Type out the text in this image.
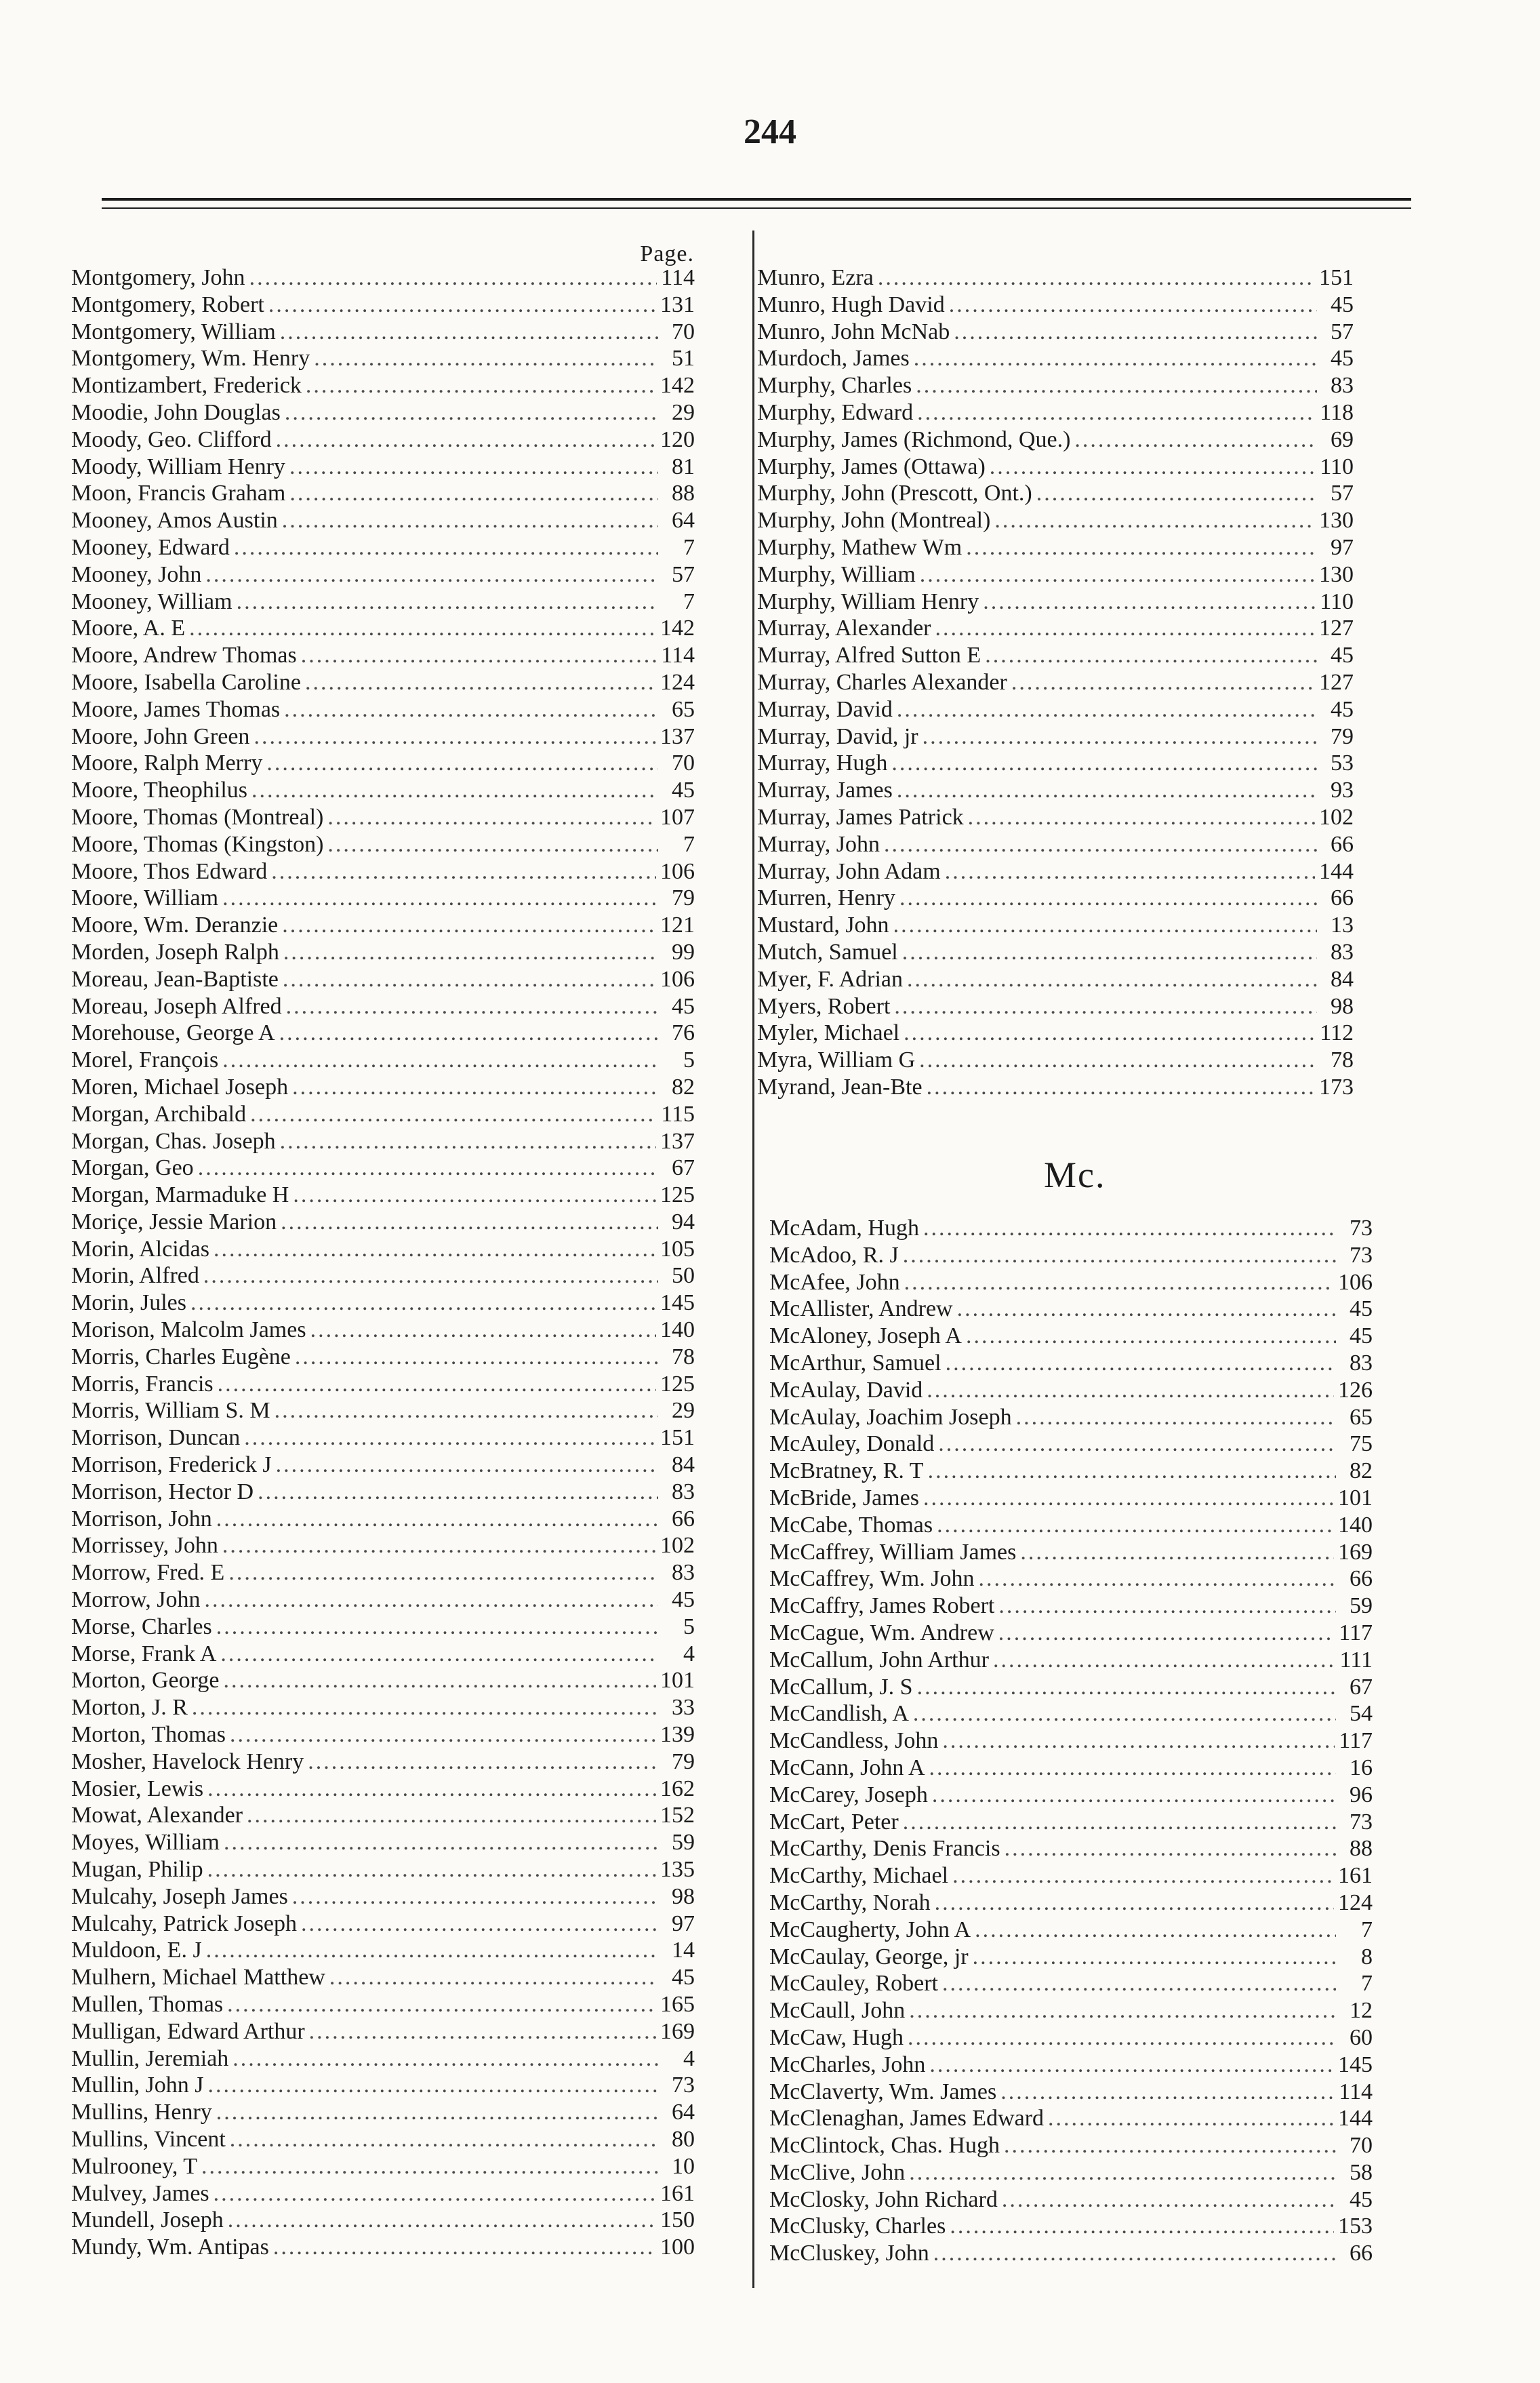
244
Page.
Montgomery, John .....	114
Montgomery, Robert .....	131
Montgomery, William .....	70
Montgomery, Wm. Henry .....	51
Montizambert, Frederick .....	142
Moodie, John Douglas .....	29
Moody, Geo. Clifford .....	120
Moody, William Henry .....	81
Moon, Francis Graham .....	88
Mooney, Amos Austin .....	64
Mooney, Edward .....	7
Mooney, John .....	57
Mooney, William .....	7
Moore, A. E .....	142
Moore, Andrew Thomas .....	114
Moore, Isabella Caroline .....	124
Moore, James Thomas .....	65
Moore, John Green .....	137
Moore, Ralph Merry .....	70
Moore, Theophilus .....	45
Moore, Thomas (Montreal) .....	107
Moore, Thomas (Kingston) .....	7
Moore, Thos Edward .....	106
Moore, William .....	79
Moore, Wm. Deranzie .....	121
Morden, Joseph Ralph .....	99
Moreau, Jean-Baptiste .....	106
Moreau, Joseph Alfred .....	45
Morehouse, George A .....	76
Morel, François .....	5
Moren, Michael Joseph .....	82
Morgan, Archibald .....	115
Morgan, Chas. Joseph .....	137
Morgan, Geo .....	67
Morgan, Marmaduke H .....	125
Moriçe, Jessie Marion .....	94
Morin, Alcidas .....	105
Morin, Alfred .....	50
Morin, Jules .....	145
Morison, Malcolm James .....	140
Morris, Charles Eugène .....	78
Morris, Francis .....	125
Morris, William S. M .....	29
Morrison, Duncan .....	151
Morrison, Frederick J .....	84
Morrison, Hector D .....	83
Morrison, John .....	66
Morrissey, John .....	102
Morrow, Fred. E .....	83
Morrow, John .....	45
Morse, Charles .....	5
Morse, Frank A .....	4
Morton, George .....	101
Morton, J. R .....	33
Morton, Thomas .....	139
Mosher, Havelock Henry .....	79
Mosier, Lewis .....	162
Mowat, Alexander .....	152
Moyes, William .....	59
Mugan, Philip .....	135
Mulcahy, Joseph James .....	98
Mulcahy, Patrick Joseph .....	97
Muldoon, E. J .....	14
Mulhern, Michael Matthew .....	45
Mullen, Thomas .....	165
Mulligan, Edward Arthur .....	169
Mullin, Jeremiah .....	4
Mullin, John J .....	73
Mullins, Henry .....	64
Mullins, Vincent .....	80
Mulrooney, T .....	10
Mulvey, James .....	161
Mundell, Joseph .....	150
Mundy, Wm. Antipas .....	100
Munro, Ezra .....	151
Munro, Hugh David .....	45
Munro, John McNab .....	57
Murdoch, James .....	45
Murphy, Charles .....	83
Murphy, Edward .....	118
Murphy, James (Richmond, Que.) .....	69
Murphy, James (Ottawa) .....	110
Murphy, John (Prescott, Ont.) .....	57
Murphy, John (Montreal) .....	130
Murphy, Mathew Wm .....	97
Murphy, William .....	130
Murphy, William Henry .....	110
Murray, Alexander .....	127
Murray, Alfred Sutton E .....	45
Murray, Charles Alexander .....	127
Murray, David .....	45
Murray, David, jr .....	79
Murray, Hugh .....	53
Murray, James .....	93
Murray, James Patrick .....	102
Murray, John .....	66
Murray, John Adam .....	144
Murren, Henry .....	66
Mustard, John .....	13
Mutch, Samuel .....	83
Myer, F. Adrian .....	84
Myers, Robert .....	98
Myler, Michael .....	112
Myra, William G .....	78
Myrand, Jean-Bte .....	173
Mc.
McAdam, Hugh .....	73
McAdoo, R. J .....	73
McAfee, John .....	106
McAllister, Andrew .....	45
McAloney, Joseph A .....	45
McArthur, Samuel .....	83
McAulay, David .....	126
McAulay, Joachim Joseph .....	65
McAuley, Donald .....	75
McBratney, R. T .....	82
McBride, James .....	101
McCabe, Thomas .....	140
McCaffrey, William James .....	169
McCaffrey, Wm. John .....	66
McCaffry, James Robert .....	59
McCague, Wm. Andrew .....	117
McCallum, John Arthur .....	111
McCallum, J. S .....	67
McCandlish, A .....	54
McCandless, John .....	117
McCann, John A .....	16
McCarey, Joseph .....	96
McCart, Peter .....	73
McCarthy, Denis Francis .....	88
McCarthy, Michael .....	161
McCarthy, Norah .....	124
McCaugherty, John A .....	7
McCaulay, George, jr .....	8
McCauley, Robert .....	7
McCaull, John .....	12
McCaw, Hugh .....	60
McCharles, John .....	145
McClaverty, Wm. James .....	114
McClenaghan, James Edward .....	144
McClintock, Chas. Hugh .....	70
McClive, John .....	58
McClosky, John Richard .....	45
McClusky, Charles .....	153
McCluskey, John .....	66
